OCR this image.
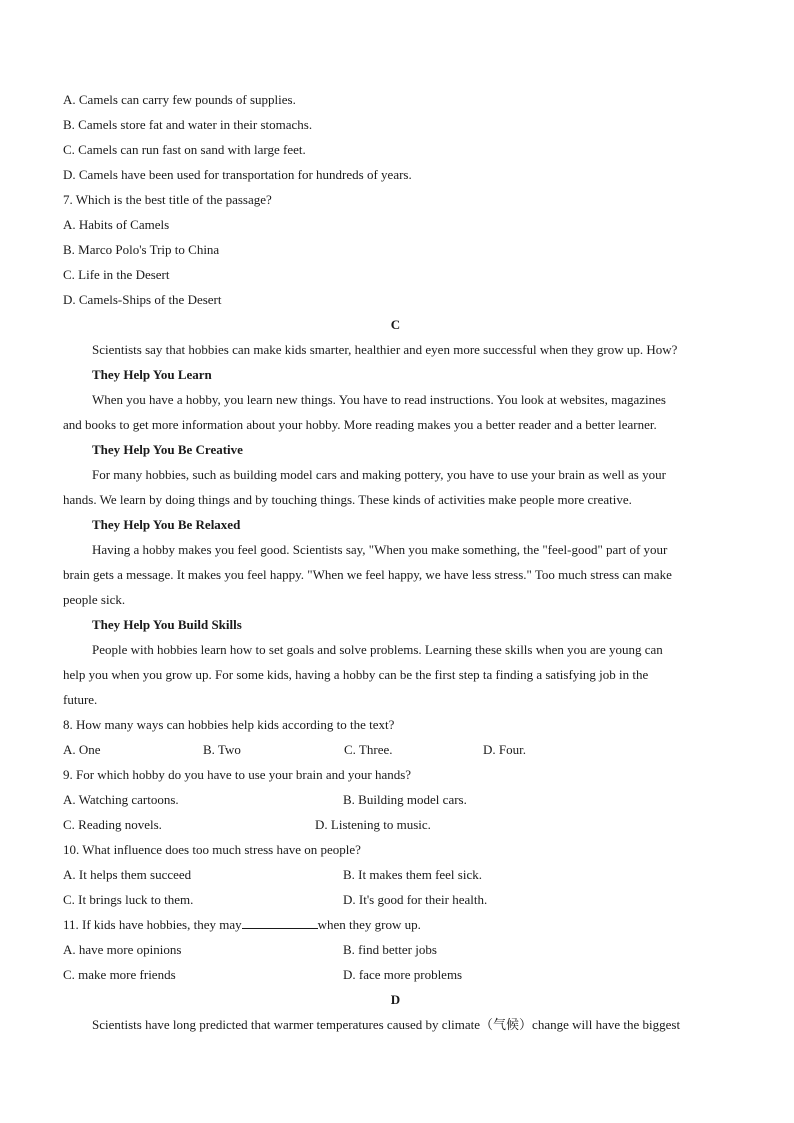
A. Camels can carry few pounds of supplies.
B. Camels store fat and water in their stomachs.
C. Camels can run fast on sand with large feet.
D. Camels have been used for transportation for hundreds of years.
7. Which is the best title of the passage?
A. Habits of Camels
B. Marco Polo's Trip to China
C. Life in the Desert
D. Camels-Ships of the Desert
C
Scientists say that hobbies can make kids smarter, healthier and eyen more successful when they grow up. How?
They Help You Learn
When you have a hobby, you learn new things. You have to read instructions. You look at websites, magazines
and books to get more information about your hobby. More reading makes you a better reader and a better learner.
They Help You Be Creative
For many hobbies, such as building model cars and making pottery, you have to use your brain as well as your
hands. We learn by doing things and by touching things. These kinds of activities make people more creative.
They Help You Be Relaxed
Having a hobby makes you feel good. Scientists say, "When you make something, the "feel-good" part of your
brain gets a message. It makes you feel happy. "When we feel happy, we have less stress." Too much stress can make
people sick.
They Help You Build Skills
People with hobbies learn how to set goals and solve problems. Learning these skills when you are young can
help you when you grow up. For some kids, having a hobby can be the first step ta finding a satisfying job in the
future.
8. How many ways can hobbies help kids according to the text?
A. One	B. Two	C. Three.	D. Four.
9. For which hobby do you have to use your brain and your hands?
A. Watching cartoons.	B. Building model cars.
C. Reading novels.	D. Listening to music.
10. What influence does too much stress have on people?
A. It helps them succeed	B. It makes them feel sick.
C. It brings luck to them.	D. It's good for their health.
11. If kids have hobbies, they may	when they grow up.
A. have more opinions	B. find better jobs
C. make more friends	D. face more problems
D
Scientists have long predicted that warmer temperatures caused by climate（气候）change will have the biggest
